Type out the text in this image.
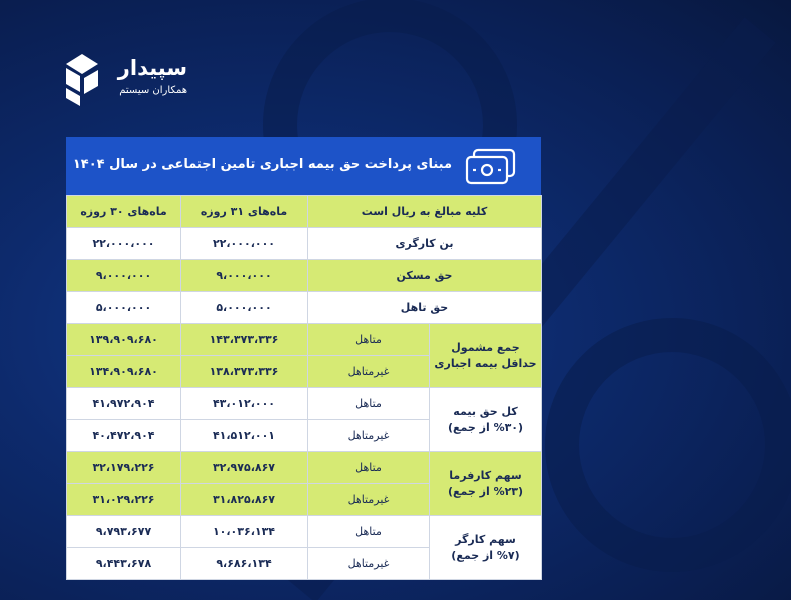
سپیدار
همکاران سیستم
مبنای پرداخت حق بیمه اجباری تامین اجتماعی در سال ۱۴۰۴
ماه‌های ۳۰ روزه	ماه‌های ۳۱ روزه	کلیه مبالغ به ریال است	
۲۲،۰۰۰،۰۰۰	۲۲،۰۰۰،۰۰۰	بن کارگری	
۹،۰۰۰،۰۰۰	۹،۰۰۰،۰۰۰	حق مسکن	
۵،۰۰۰،۰۰۰	۵،۰۰۰،۰۰۰	حق تاهل	
۱۳۹،۹۰۹،۶۸۰	۱۴۳،۳۷۳،۳۳۶	متاهل	جمع مشمول
حداقل بیمه اجباری

۱۳۴،۹۰۹،۶۸۰	۱۳۸،۳۷۳،۳۳۶	غیرمتاهل	
۴۱،۹۷۲،۹۰۴	۴۳،۰۱۲،۰۰۰	متاهل	کل حق بیمه
(%۳۰ از جمع)

۴۰،۴۷۲،۹۰۴	۴۱،۵۱۲،۰۰۱	غیرمتاهل	
۳۲،۱۷۹،۲۲۶	۳۲،۹۷۵،۸۶۷	متاهل	سهم کارفرما
(%۲۳ از جمع)

۳۱،۰۲۹،۲۲۶	۳۱،۸۲۵،۸۶۷	غیرمتاهل	
۹،۷۹۳،۶۷۷	۱۰،۰۳۶،۱۳۴	متاهل	سهم کارگر
(%۷ از جمع)

۹،۴۴۳،۶۷۸	۹،۶۸۶،۱۳۴	غیرمتاهل	
